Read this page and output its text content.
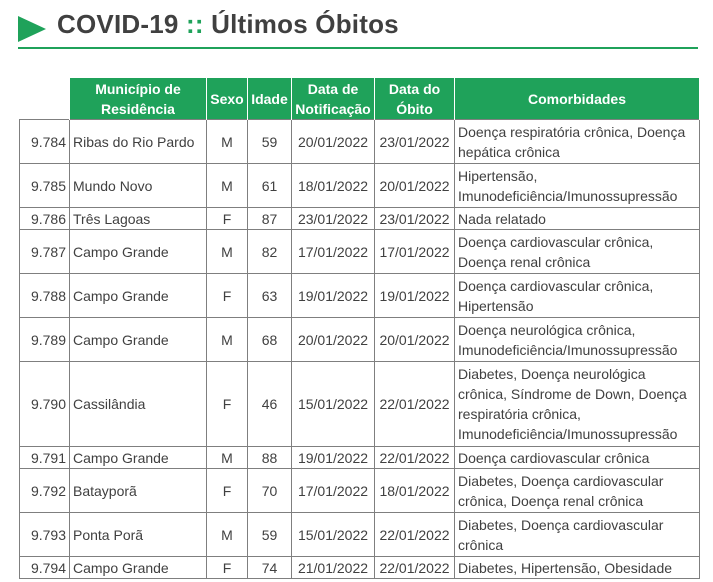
COVID-19 :: Últimos Óbitos
	Município de Residência	Sexo	Idade	Data de Notificação	Data do Óbito	Comorbidades
9.784	Ribas do Rio Pardo	M	59	20/01/2022	23/01/2022	Doença respiratória crônica, Doença hepática crônica
9.785	Mundo Novo	M	61	18/01/2022	20/01/2022	Hipertensão, Imunodeficiência/Imunossupressão
9.786	Três Lagoas	F	87	23/01/2022	23/01/2022	Nada relatado
9.787	Campo Grande	M	82	17/01/2022	17/01/2022	Doença cardiovascular crônica, Doença renal crônica
9.788	Campo Grande	F	63	19/01/2022	19/01/2022	Doença cardiovascular crônica, Hipertensão
9.789	Campo Grande	M	68	20/01/2022	20/01/2022	Doença neurológica crônica, Imunodeficiência/Imunossupressão
9.790	Cassilândia	F	46	15/01/2022	22/01/2022	Diabetes, Doença neurológica crônica, Síndrome de Down, Doença respiratória crônica, Imunodeficiência/Imunossupressão
9.791	Campo Grande	M	88	19/01/2022	22/01/2022	Doença cardiovascular crônica
9.792	Batayporã	F	70	17/01/2022	18/01/2022	Diabetes, Doença cardiovascular crônica, Doença renal crônica
9.793	Ponta Porã	M	59	15/01/2022	22/01/2022	Diabetes, Doença cardiovascular crônica
9.794	Campo Grande	F	74	21/01/2022	22/01/2022	Diabetes, Hipertensão, Obesidade
